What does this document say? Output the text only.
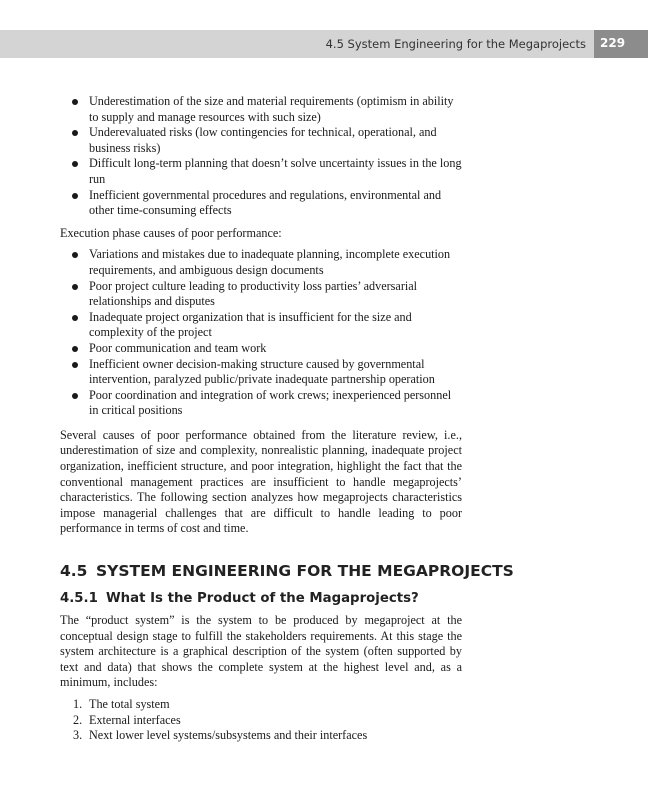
4.5 System Engineering for the Megaprojects 229
Underestimation of the size and material requirements (optimism in ability to supply and manage resources with such size)
Underevaluated risks (low contingencies for technical, operational, and business risks)
Difficult long-term planning that doesn’t solve uncertainty issues in the long run
Inefficient governmental procedures and regulations, environmental and other time-consuming effects

Execution phase causes of poor performance:

Variations and mistakes due to inadequate planning, incomplete execution requirements, and ambiguous design documents
Poor project culture leading to productivity loss parties’ adversarial relationships and disputes
Inadequate project organization that is insufficient for the size and complexity of the project
Poor communication and team work
Inefficient owner decision-making structure caused by governmental intervention, paralyzed public/private inadequate partnership operation
Poor coordination and integration of work crews; inexperienced personnel in critical positions

Several causes of poor performance obtained from the literature review, i.e., underestimation of size and complexity, nonrealistic planning, inadequate project organization, inefficient structure, and poor integration, highlight the fact that the conventional management practices are insufficient to handle megaprojects’ characteristics. The following section analyzes how megaprojects characteristics impose managerial challenges that are difficult to handle leading to poor performance in terms of cost and time.

4.5 SYSTEM ENGINEERING FOR THE MEGAPROJECTS
4.5.1 What Is the Product of the Magaprojects?

The “product system” is the system to be produced by megaproject at the conceptual design stage to fulfill the stakeholders requirements. At this stage the system architecture is a graphical description of the system (often supported by text and data) that shows the complete system at the highest level and, as a minimum, includes:

1. The total system
2. External interfaces
3. Next lower level systems/subsystems and their interfaces
